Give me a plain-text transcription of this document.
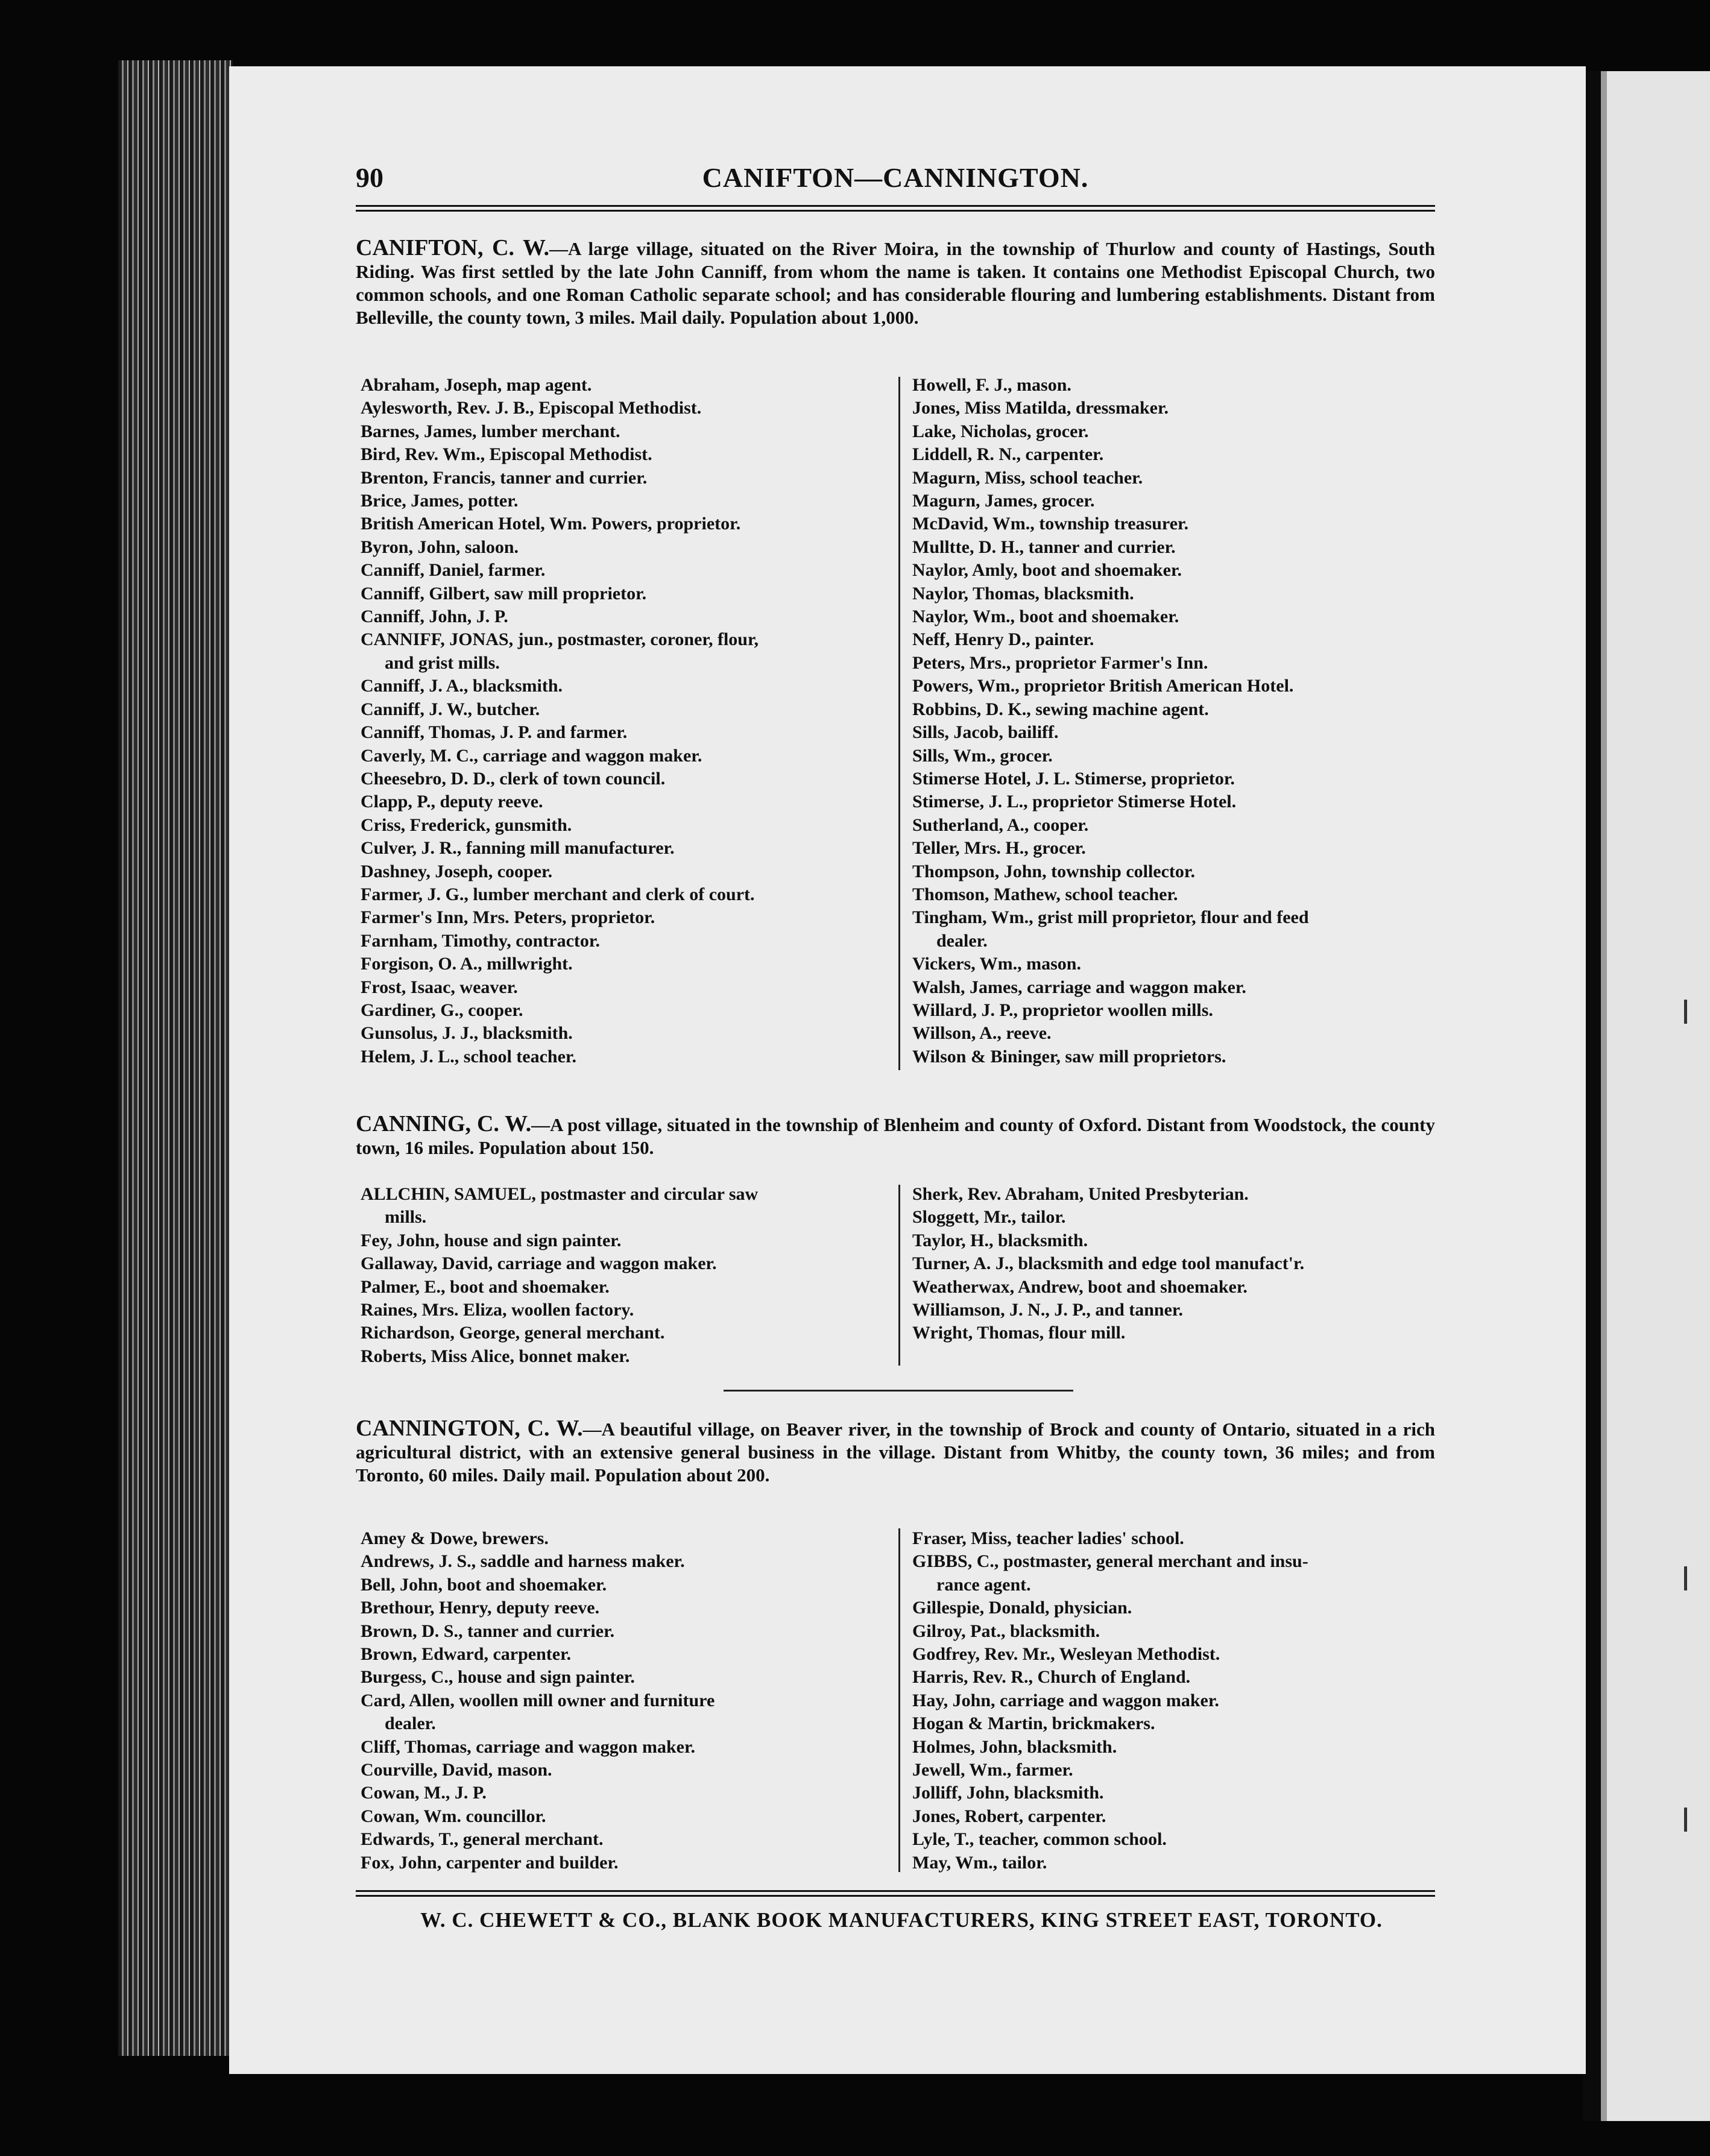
90	CANIFTON—CANNINGTON.
CANIFTON, C. W.—A large village, situated on the River Moira, in the township of Thurlow and county of Hastings, South Riding. Was first settled by the late John Canniff, from whom the name is taken. It contains one Methodist Episcopal Church, two common schools, and one Roman Catholic separate school; and has considerable flouring and lumbering establishments. Distant from Belleville, the county town, 3 miles. Mail daily. Population about 1,000.
Abraham, Joseph, map agent.
Aylesworth, Rev. J. B., Episcopal Methodist.
Barnes, James, lumber merchant.
Bird, Rev. Wm., Episcopal Methodist.
Brenton, Francis, tanner and currier.
Brice, James, potter.
British American Hotel, Wm. Powers, proprietor.
Byron, John, saloon.
Canniff, Daniel, farmer.
Canniff, Gilbert, saw mill proprietor.
Canniff, John, J. P.
CANNIFF, JONAS, jun., postmaster, coroner, flour,
and grist mills.
Canniff, J. A., blacksmith.
Canniff, J. W., butcher.
Canniff, Thomas, J. P. and farmer.
Caverly, M. C., carriage and waggon maker.
Cheesebro, D. D., clerk of town council.
Clapp, P., deputy reeve.
Criss, Frederick, gunsmith.
Culver, J. R., fanning mill manufacturer.
Dashney, Joseph, cooper.
Farmer, J. G., lumber merchant and clerk of court.
Farmer's Inn, Mrs. Peters, proprietor.
Farnham, Timothy, contractor.
Forgison, O. A., millwright.
Frost, Isaac, weaver.
Gardiner, G., cooper.
Gunsolus, J. J., blacksmith.
Helem, J. L., school teacher.
Howell, F. J., mason.
Jones, Miss Matilda, dressmaker.
Lake, Nicholas, grocer.
Liddell, R. N., carpenter.
Magurn, Miss, school teacher.
Magurn, James, grocer.
McDavid, Wm., township treasurer.
Mulltte, D. H., tanner and currier.
Naylor, Amly, boot and shoemaker.
Naylor, Thomas, blacksmith.
Naylor, Wm., boot and shoemaker.
Neff, Henry D., painter.
Peters, Mrs., proprietor Farmer's Inn.
Powers, Wm., proprietor British American Hotel.
Robbins, D. K., sewing machine agent.
Sills, Jacob, bailiff.
Sills, Wm., grocer.
Stimerse Hotel, J. L. Stimerse, proprietor.
Stimerse, J. L., proprietor Stimerse Hotel.
Sutherland, A., cooper.
Teller, Mrs. H., grocer.
Thompson, John, township collector.
Thomson, Mathew, school teacher.
Tingham, Wm., grist mill proprietor, flour and feed
dealer.
Vickers, Wm., mason.
Walsh, James, carriage and waggon maker.
Willard, J. P., proprietor woollen mills.
Willson, A., reeve.
Wilson & Bininger, saw mill proprietors.
CANNING, C. W.—A post village, situated in the township of Blenheim and county of Oxford. Distant from Woodstock, the county town, 16 miles. Population about 150.
ALLCHIN, SAMUEL, postmaster and circular saw
mills.
Fey, John, house and sign painter.
Gallaway, David, carriage and waggon maker.
Palmer, E., boot and shoemaker.
Raines, Mrs. Eliza, woollen factory.
Richardson, George, general merchant.
Roberts, Miss Alice, bonnet maker.
Sherk, Rev. Abraham, United Presbyterian.
Sloggett, Mr., tailor.
Taylor, H., blacksmith.
Turner, A. J., blacksmith and edge tool manufact'r.
Weatherwax, Andrew, boot and shoemaker.
Williamson, J. N., J. P., and tanner.
Wright, Thomas, flour mill.
CANNINGTON, C. W.—A beautiful village, on Beaver river, in the township of Brock and county of Ontario, situated in a rich agricultural district, with an extensive general business in the village. Distant from Whitby, the county town, 36 miles; and from Toronto, 60 miles. Daily mail. Population about 200.
Amey & Dowe, brewers.
Andrews, J. S., saddle and harness maker.
Bell, John, boot and shoemaker.
Brethour, Henry, deputy reeve.
Brown, D. S., tanner and currier.
Brown, Edward, carpenter.
Burgess, C., house and sign painter.
Card, Allen, woollen mill owner and furniture
dealer.
Cliff, Thomas, carriage and waggon maker.
Courville, David, mason.
Cowan, M., J. P.
Cowan, Wm. councillor.
Edwards, T., general merchant.
Fox, John, carpenter and builder.
Fraser, Miss, teacher ladies' school.
GIBBS, C., postmaster, general merchant and insu-
rance agent.
Gillespie, Donald, physician.
Gilroy, Pat., blacksmith.
Godfrey, Rev. Mr., Wesleyan Methodist.
Harris, Rev. R., Church of England.
Hay, John, carriage and waggon maker.
Hogan & Martin, brickmakers.
Holmes, John, blacksmith.
Jewell, Wm., farmer.
Jolliff, John, blacksmith.
Jones, Robert, carpenter.
Lyle, T., teacher, common school.
May, Wm., tailor.
W. C. CHEWETT & CO., BLANK BOOK MANUFACTURERS, KING STREET EAST, TORONTO.
